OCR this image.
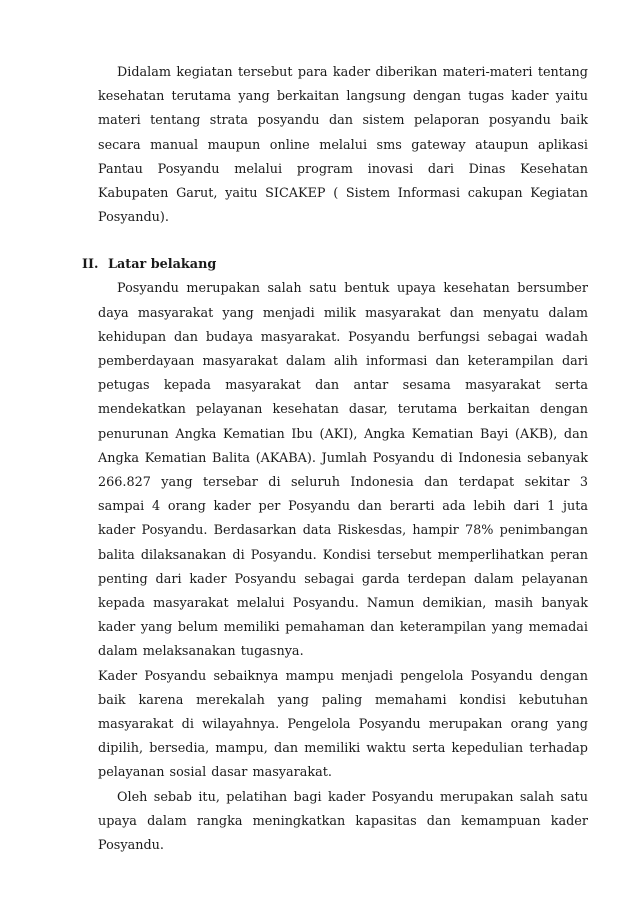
Didalam kegiatan tersebut para kader diberikan materi-materi tentang kesehatan terutama yang berkaitan langsung dengan tugas kader yaitu materi tentang strata posyandu dan sistem pelaporan posyandu baik secara manual maupun online melalui sms gateway ataupun aplikasi Pantau Posyandu melalui program inovasi dari Dinas Kesehatan Kabupaten Garut, yaitu SICAKEP ( Sistem Informasi cakupan Kegiatan Posyandu).

II. Latar belakang

Posyandu merupakan salah satu bentuk upaya kesehatan bersumber daya masyarakat yang menjadi milik masyarakat dan menyatu dalam kehidupan dan budaya masyarakat. Posyandu berfungsi sebagai wadah pemberdayaan masyarakat dalam alih informasi dan keterampilan dari petugas kepada masyarakat dan antar sesama masyarakat serta mendekatkan pelayanan kesehatan dasar, terutama berkaitan dengan penurunan Angka Kematian Ibu (AKI), Angka Kematian Bayi (AKB), dan Angka Kematian Balita (AKABA). Jumlah Posyandu di Indonesia sebanyak 266.827 yang tersebar di seluruh Indonesia dan terdapat sekitar 3 sampai 4 orang kader per Posyandu dan berarti ada lebih dari 1 juta kader Posyandu. Berdasarkan data Riskesdas, hampir 78% penimbangan balita dilaksanakan di Posyandu. Kondisi tersebut memperlihatkan peran penting dari kader Posyandu sebagai garda terdepan dalam pelayanan kepada masyarakat melalui Posyandu. Namun demikian, masih banyak kader yang belum memiliki pemahaman dan keterampilan yang memadai dalam melaksanakan tugasnya.

Kader Posyandu sebaiknya mampu menjadi pengelola Posyandu dengan baik karena merekalah yang paling memahami kondisi kebutuhan masyarakat di wilayahnya. Pengelola Posyandu merupakan orang yang dipilih, bersedia, mampu, dan memiliki waktu serta kepedulian terhadap pelayanan sosial dasar masyarakat.

Oleh sebab itu, pelatihan bagi kader Posyandu merupakan salah satu upaya dalam rangka meningkatkan kapasitas dan kemampuan kader Posyandu.
